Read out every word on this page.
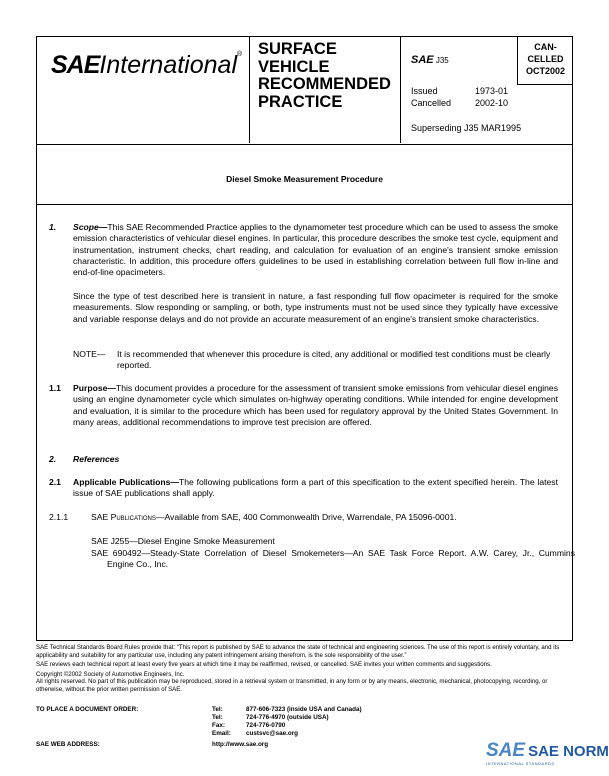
SAEInternational® SURFACE
VEHICLE
RECOMMENDED
PRACTICE
SAE J35
CAN-
CELLED
OCT2002
Issued	1973-01
Cancelled	2002-10
Superseding J35 MAR1995
Diesel Smoke Measurement Procedure
1. Scope—This SAE Recommended Practice applies to the dynamometer test procedure which can be used to assess the smoke emission characteristics of vehicular diesel engines. In particular, this procedure describes the smoke test cycle, equipment and instrumentation, instrument checks, chart reading, and calculation for evaluation of an engine's transient smoke emission characteristic. In addition, this procedure offers guidelines to be used in establishing correlation between full flow in-line and end-of-line opacimeters.
Since the type of test described here is transient in nature, a fast responding full flow opacimeter is required for the smoke measurements. Slow responding or sampling, or both, type instruments must not be used since they typically have excessive and variable response delays and do not provide an accurate measurement of an engine's transient smoke characteristics.
NOTE—	It is recommended that whenever this procedure is cited, any additional or modified test conditions must be clearly reported.
1.1 Purpose—This document provides a procedure for the assessment of transient smoke emissions from vehicular diesel engines using an engine dynamometer cycle which simulates on-highway operating conditions. While intended for engine development and evaluation, it is similar to the procedure which has been used for regulatory approval by the United States Government. In many areas, additional recommendations to improve test precision are offered.
2. References
2.1 Applicable Publications—The following publications form a part of this specification to the extent specified herein. The latest issue of SAE publications shall apply.
2.1.1	SAE Publications—Available from SAE, 400 Commonwealth Drive, Warrendale, PA 15096-0001.
SAE J255—Diesel Engine Smoke Measurement
SAE 690492—Steady-State Correlation of Diesel Smokemeters—An SAE Task Force Report. A.W. Carey, Jr., Cummins Engine Co., Inc.

SAE Technical Standards Board Rules provide that: “This report is published by SAE to advance the state of technical and engineering sciences. The use of this report is entirely voluntary, and its applicability and suitability for any particular use, including any patent infringement arising therefrom, is the sole responsibility of the user.”

SAE reviews each technical report at least every five years at which time it may be reaffirmed, revised, or cancelled. SAE invites your written comments and suggestions.

Copyright ©2002 Society of Automotive Engineers, Inc.

All rights reserved. No part of this publication may be reproduced, stored in a retrieval system or transmitted, in any form or by any means, electronic, mechanical, photocopying, recording, or otherwise, without the prior written permission of SAE.

TO PLACE A DOCUMENT ORDER:	Tel:	877-606-7323 (inside USA and Canada)
Tel:	724-776-4970 (outside USA)
Fax:	724-776-0790
Email: custsvc@sae.org
SAE WEB ADDRESS:	http://www.sae.org	SAE SAE NORM
INTERNATIONAL STANDARDS
